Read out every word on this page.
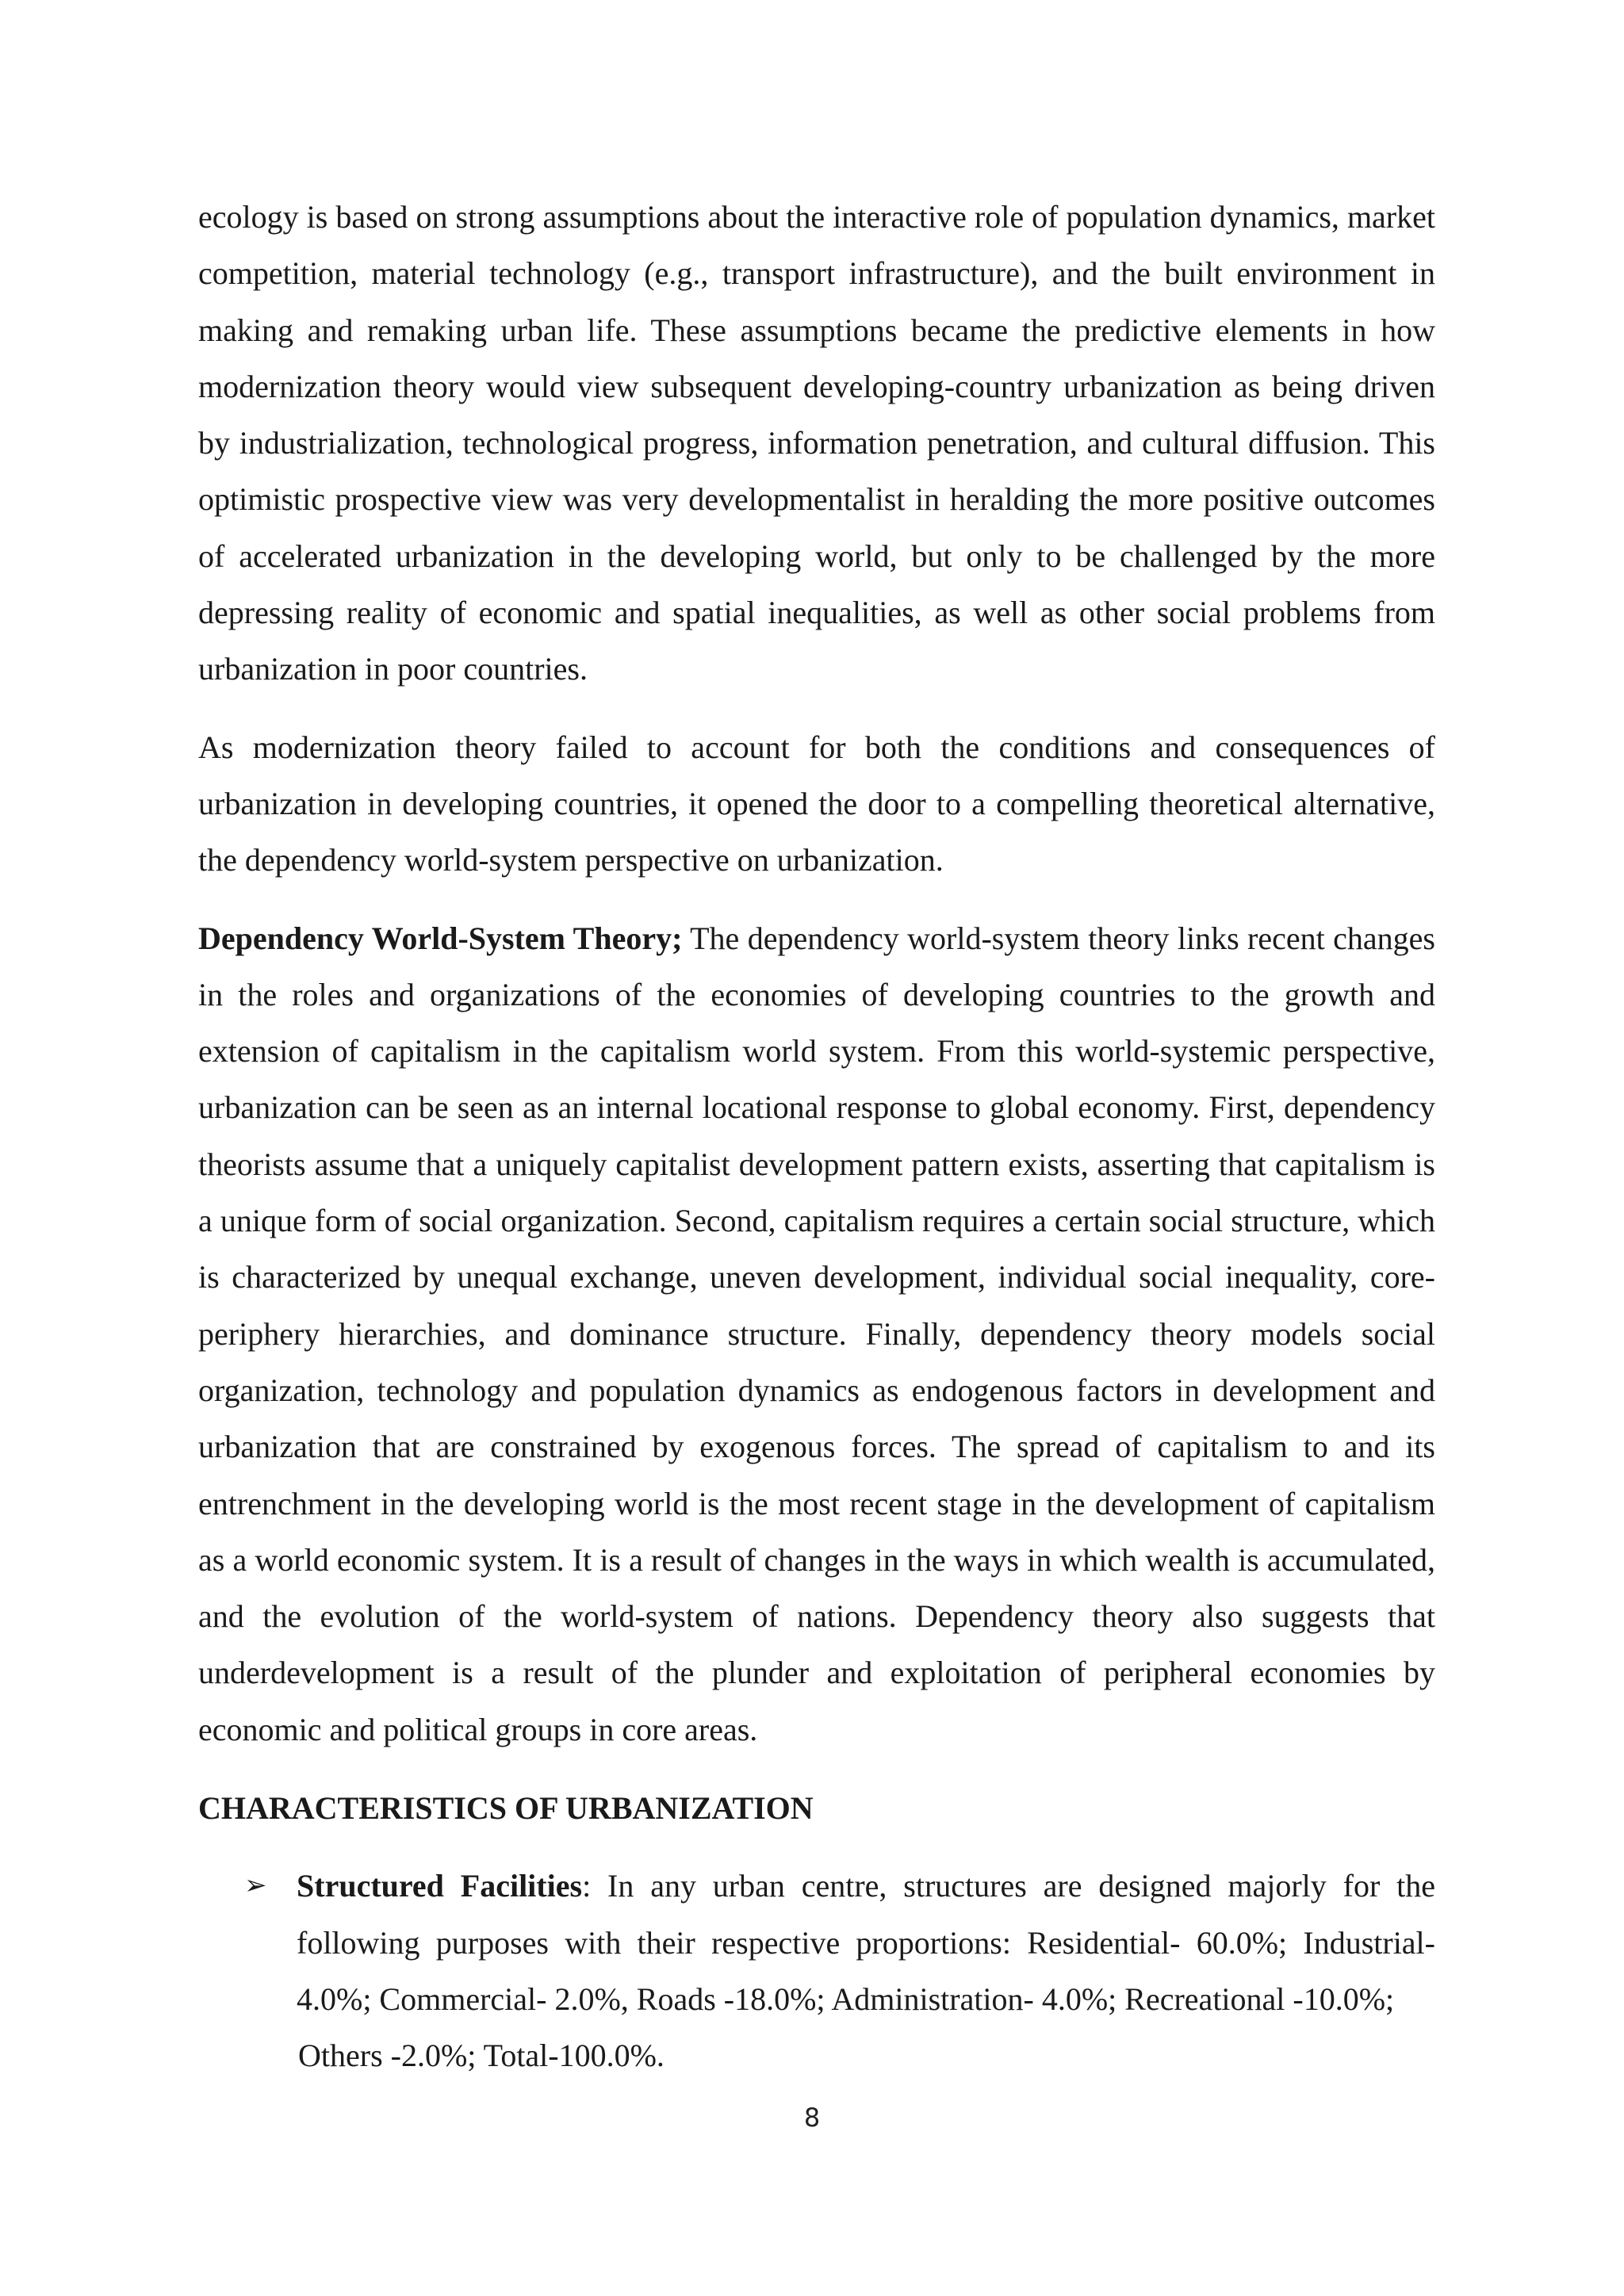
ecology is based on strong assumptions about the interactive role of population dynamics, market competition, material technology (e.g., transport infrastructure), and the built environment in making and remaking urban life. These assumptions became the predictive elements in how modernization theory would view subsequent developing-country urbanization as being driven by industrialization, technological progress, information penetration, and cultural diffusion. This optimistic prospective view was very developmentalist in heralding the more positive outcomes of accelerated urbanization in the developing world, but only to be challenged by the more depressing reality of economic and spatial inequalities, as well as other social problems from urbanization in poor countries.

As modernization theory failed to account for both the conditions and consequences of urbanization in developing countries, it opened the door to a compelling theoretical alternative, the dependency world-system perspective on urbanization.

Dependency World-System Theory; The dependency world-system theory links recent changes in the roles and organizations of the economies of developing countries to the growth and extension of capitalism in the capitalism world system. From this world-systemic perspective, urbanization can be seen as an internal locational response to global economy. First, dependency theorists assume that a uniquely capitalist development pattern exists, asserting that capitalism is a unique form of social organization. Second, capitalism requires a certain social structure, which is characterized by unequal exchange, uneven development, individual social inequality, core-periphery hierarchies, and dominance structure. Finally, dependency theory models social organization, technology and population dynamics as endogenous factors in development and urbanization that are constrained by exogenous forces. The spread of capitalism to and its entrenchment in the developing world is the most recent stage in the development of capitalism as a world economic system. It is a result of changes in the ways in which wealth is accumulated, and the evolution of the world-system of nations. Dependency theory also suggests that underdevelopment is a result of the plunder and exploitation of peripheral economies by economic and political groups in core areas.

CHARACTERISTICS OF URBANIZATION
➢ Structured Facilities: In any urban centre, structures are designed majorly for the following purposes with their respective proportions: Residential- 60.0%; Industrial- 4.0%; Commercial- 2.0%, Roads -18.0%; Administration- 4.0%; Recreational -10.0%;
Others -2.0%; Total-100.0%.
8
